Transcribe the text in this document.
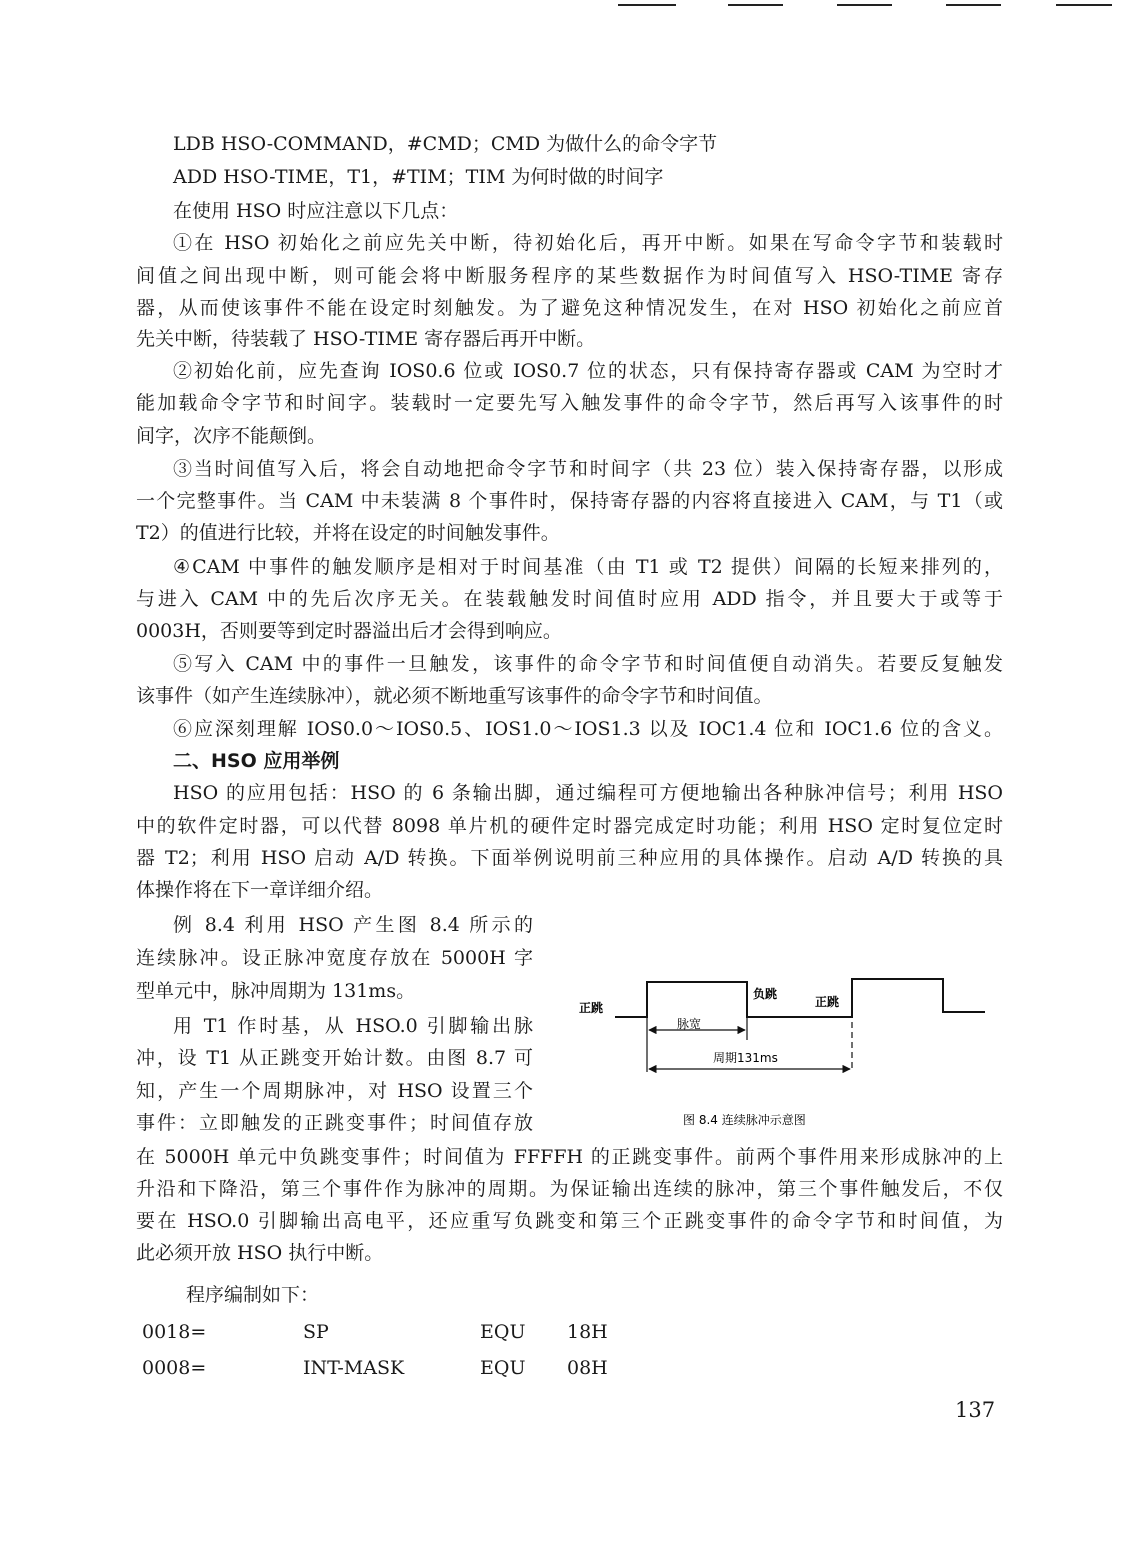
LDB HSO-COMMAND，#CMD；CMD 为做什么的命令字节
ADD HSO-TIME，T1，#TIM；TIM 为何时做的时间字
在使用 HSO 时应注意以下几点：
①在 HSO 初始化之前应先关中断，待初始化后，再开中断。如果在写命令字节和装载时
间值之间出现中断，则可能会将中断服务程序的某些数据作为时间值写入 HSO-TIME 寄存
器，从而使该事件不能在设定时刻触发。为了避免这种情况发生，在对 HSO 初始化之前应首
先关中断，待装载了 HSO-TIME 寄存器后再开中断。
②初始化前，应先查询 IOS0.6 位或 IOS0.7 位的状态，只有保持寄存器或 CAM 为空时才
能加载命令字节和时间字。装载时一定要先写入触发事件的命令字节，然后再写入该事件的时
间字，次序不能颠倒。
③当时间值写入后，将会自动地把命令字节和时间字（共 23 位）装入保持寄存器，以形成
一个完整事件。当 CAM 中未装满 8 个事件时，保持寄存器的内容将直接进入 CAM，与 T1（或
T2）的值进行比较，并将在设定的时间触发事件。
④CAM 中事件的触发顺序是相对于时间基准（由 T1 或 T2 提供）间隔的长短来排列的，
与进入 CAM 中的先后次序无关。在装载触发时间值时应用 ADD 指令，并且要大于或等于
0003H，否则要等到定时器溢出后才会得到响应。
⑤写入 CAM 中的事件一旦触发，该事件的命令字节和时间值便自动消失。若要反复触发
该事件（如产生连续脉冲），就必须不断地重写该事件的命令字节和时间值。
⑥应深刻理解 IOS0.0～IOS0.5、IOS1.0～IOS1.3 以及 IOC1.4 位和 IOC1.6 位的含义。
二、HSO 应用举例
HSO 的应用包括：HSO 的 6 条输出脚，通过编程可方便地输出各种脉冲信号；利用 HSO
中的软件定时器，可以代替 8098 单片机的硬件定时器完成定时功能；利用 HSO 定时复位定时
器 T2；利用 HSO 启动 A/D 转换。下面举例说明前三种应用的具体操作。启动 A/D 转换的具
体操作将在下一章详细介绍。
例 8.4 利用 HSO 产生图 8.4 所示的
连续脉冲。设正脉冲宽度存放在 5000H 字
型单元中，脉冲周期为 131ms。
用 T1 作时基，从 HSO.0 引脚输出脉
冲，设 T1 从正跳变开始计数。由图 8.7 可
知，产生一个周期脉冲，对 HSO 设置三个
事件：立即触发的正跳变事件；时间值存放
正跳
负跳
正跳
脉宽
周期131ms
图 8.4 连续脉冲示意图
在 5000H 单元中负跳变事件；时间值为 FFFFH 的正跳变事件。前两个事件用来形成脉冲的上
升沿和下降沿，第三个事件作为脉冲的周期。为保证输出连续的脉冲，第三个事件触发后，不仅
要在 HSO.0 引脚输出高电平，还应重写负跳变和第三个正跳变事件的命令字节和时间值，为
此必须开放 HSO 执行中断。
程序编制如下：
0018=	SP	EQU 18H
0008=	INT-MASK	EQU 08H
137
